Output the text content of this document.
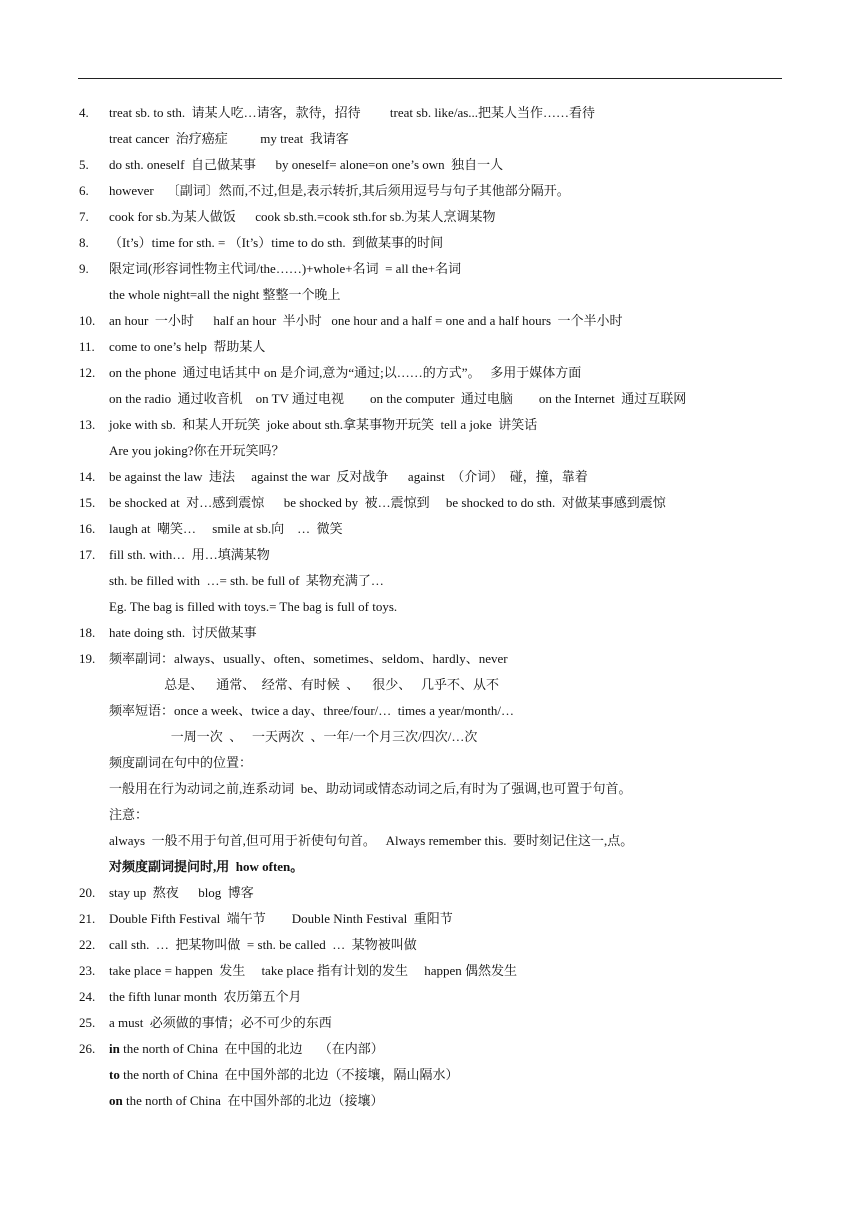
4. treat sb. to sth.  请某人吃…请客，款待，招待         treat sb. like/as...把某人当作……看待
treat cancer  治疗癌症          my treat  我请客
5. do sth. oneself  自己做某事      by oneself= alone=on one’s own  独自一人
6. however    〔副词〕然而,不过,但是,表示转折,其后须用逗号与句子其他部分隔开。
7. cook for sb.为某人做饭      cook sb.sth.=cook sth.for sb.为某人烹调某物
8. （It’s）time for sth. = （It’s）time to do sth.  到做某事的时间
9. 限定词(形容词性物主代词/the……)+whole+名词  = all the+名词
the whole night=all the night 整整一个晚上
10. an hour  一小时      half an hour  半小时   one hour and a half = one and a half hours  一个半小时
11. come to one’s help  帮助某人
12. on the phone  通过电话其中 on 是介词,意为“通过;以……的方式”。   多用于媒体方面
on the radio  通过收音机    on TV 通过电视        on the computer  通过电脑        on the Internet  通过互联网
13. joke with sb.  和某人开玩笑  joke about sth.拿某事物开玩笑  tell a joke  讲笑话
Are you joking?你在开玩笑吗？
14. be against the law  违法     against the war  反对战争      against  （介词）  碰，撞，靠着
15. be shocked at  对…感到震惊      be shocked by  被…震惊到     be shocked to do sth.  对做某事感到震惊
16. laugh at  嘲笑…     smile at sb.向    …  微笑
17. fill sth. with…  用…填满某物
sth. be filled with  …= sth. be full of  某物充满了…
Eg. The bag is filled with toys.= The bag is full of toys.
18. hate doing sth.  讨厌做某事
19. 频率副词：always、usually、often、sometimes、seldom、hardly、never
总是、    通常、  经常、有时候  、    很少、   几乎不、从不
频率短语：once a week、twice a day、three/four/…  times a year/month/…
一周一次  、   一天两次  、一年/一个月三次/四次/…次
频度副词在句中的位置：
一般用在行为动词之前,连系动词  be、助动词或情态动词之后,有时为了强调,也可置于句首。
注意：
always  一般不用于句首,但可用于祈使句句首。   Always remember this.  要时刻记住这一,点。
对频度副词提问时,用  how often。
20. stay up  熬夜      blog  博客
21. Double Fifth Festival  端午节        Double Ninth Festival  重阳节
22. call sth.  …  把某物叫做  = sth. be called  …  某物被叫做
23. take place = happen  发生     take place 指有计划的发生     happen 偶然发生
24. the fifth lunar month  农历第五个月
25. a must  必须做的事情；必不可少的东西
26. in the north of China  在中国的北边     （在内部）
to the north of China  在中国外部的北边（不接壤，隔山隔水）
on the north of China  在中国外部的北边（接壤）
